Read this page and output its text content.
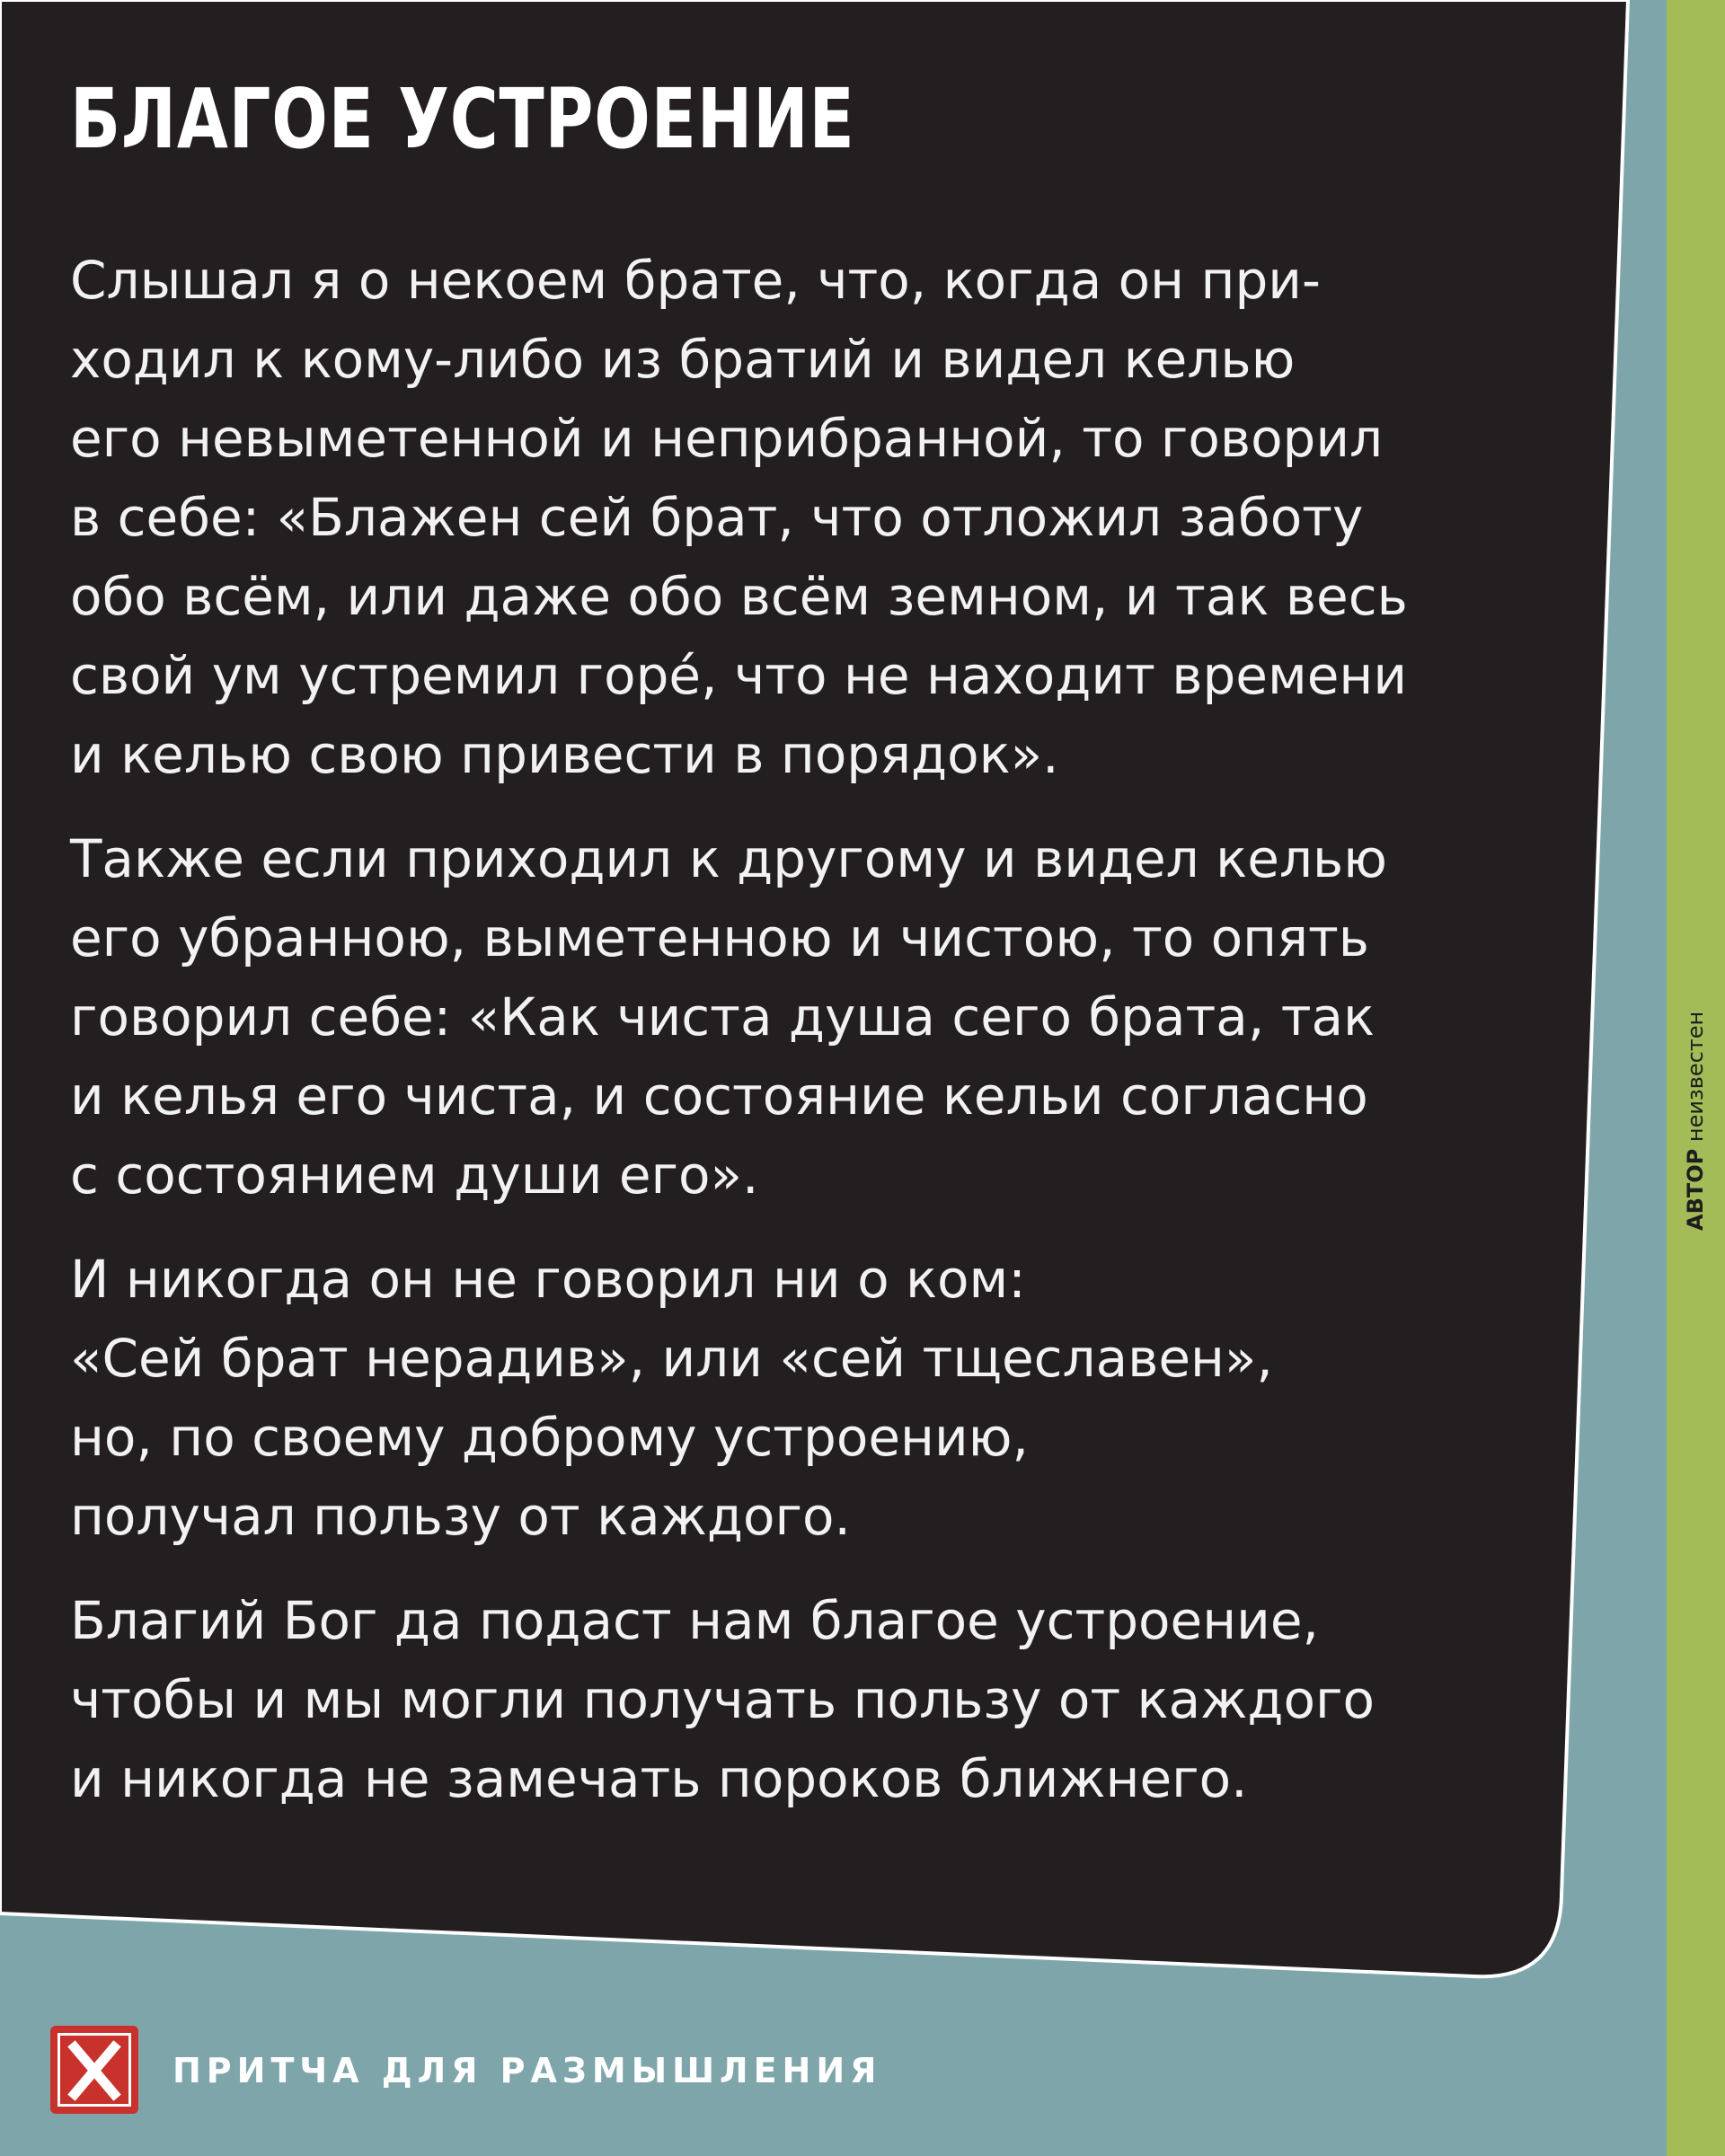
БЛАГОЕ УСТРОЕНИЕ

Слышал я о некоем брате, что, когда он при-
ходил к кому-либо из братий и видел келью
его невыметенной и неприбранной, то говорил
в себе: «Блажен сей брат, что отложил заботу
обо всём, или даже обо всём земном, и так весь
свой ум устремил горé, что не находит времени
и келью свою привести в порядок».

Также если приходил к другому и видел келью
его убранною, выметенною и чистою, то опять
говорил себе: «Как чиста душа сего брата, так
и келья его чиста, и состояние кельи согласно
с состоянием души его».

И никогда он не говорил ни о ком:
«Сей брат нерадив», или «сей тщеславен»,
но, по своему доброму устроению,
получал пользу от каждого.

Благий Бог да подаст нам благое устроение,
чтобы и мы могли получать пользу от каждого
и никогда не замечать пороков ближнего.

АВТОР неизвестен
ПРИТЧА ДЛЯ РАЗМЫШЛЕНИЯ
